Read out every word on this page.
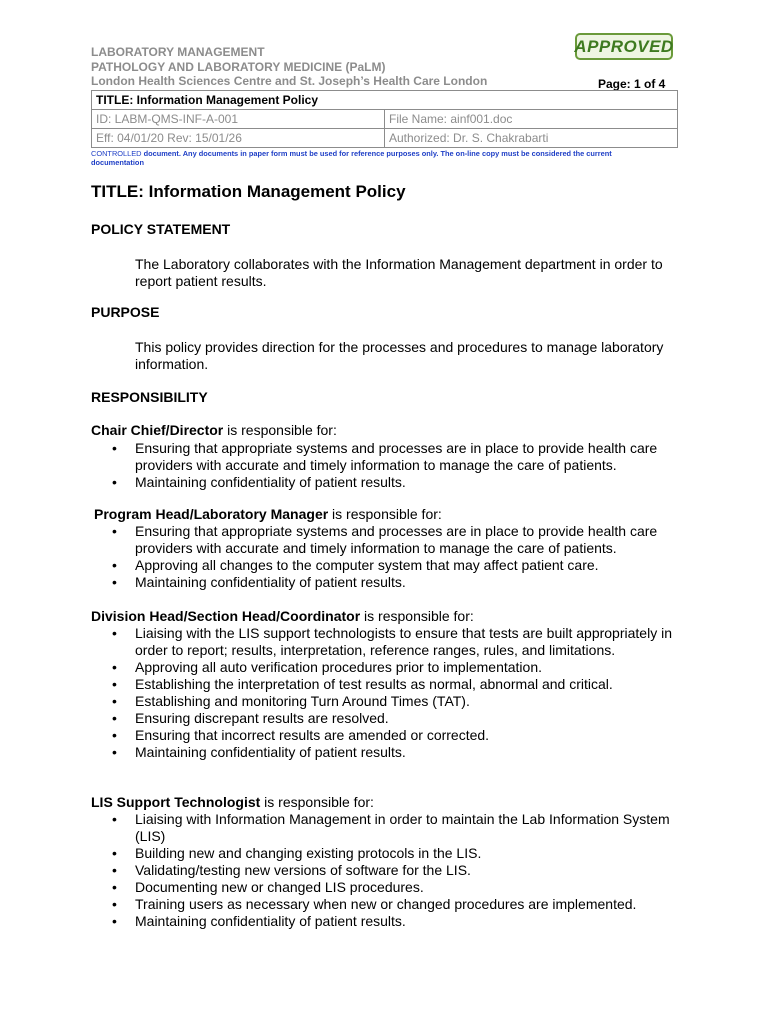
LABORATORY MANAGEMENT
PATHOLOGY AND LABORATORY MEDICINE (PaLM)
London Health Sciences Centre and St. Joseph’s Health Care London
APPROVED
Page: 1 of 4
TITLE: Information Management Policy	
ID: LABM-QMS-INF-A-001	File Name: ainf001.doc
Eff: 04/01/20 Rev: 15/01/26	Authorized: Dr. S. Chakrabarti
CONTROLLED document. Any documents in paper form must be used for reference purposes only. The on-line copy must be considered the current documentation
TITLE: Information Management Policy
POLICY STATEMENT
The Laboratory collaborates with the Information Management department in order to report patient results.
PURPOSE
This policy provides direction for the processes and procedures to manage laboratory information.
RESPONSIBILITY
Chair Chief/Director is responsible for:
• Ensuring that appropriate systems and processes are in place to provide health care providers with accurate and timely information to manage the care of patients.
• Maintaining confidentiality of patient results.
Program Head/Laboratory Manager is responsible for:
• Ensuring that appropriate systems and processes are in place to provide health care providers with accurate and timely information to manage the care of patients.
• Approving all changes to the computer system that may affect patient care.
• Maintaining confidentiality of patient results.
Division Head/Section Head/Coordinator is responsible for:
• Liaising with the LIS support technologists to ensure that tests are built appropriately in order to report; results, interpretation, reference ranges, rules, and limitations.
• Approving all auto verification procedures prior to implementation.
• Establishing the interpretation of test results as normal, abnormal and critical.
• Establishing and monitoring Turn Around Times (TAT).
• Ensuring discrepant results are resolved.
• Ensuring that incorrect results are amended or corrected.
• Maintaining confidentiality of patient results.
LIS Support Technologist is responsible for:
• Liaising with Information Management in order to maintain the Lab Information System (LIS)
• Building new and changing existing protocols in the LIS.
• Validating/testing new versions of software for the LIS.
• Documenting new or changed LIS procedures.
• Training users as necessary when new or changed procedures are implemented.
• Maintaining confidentiality of patient results.
